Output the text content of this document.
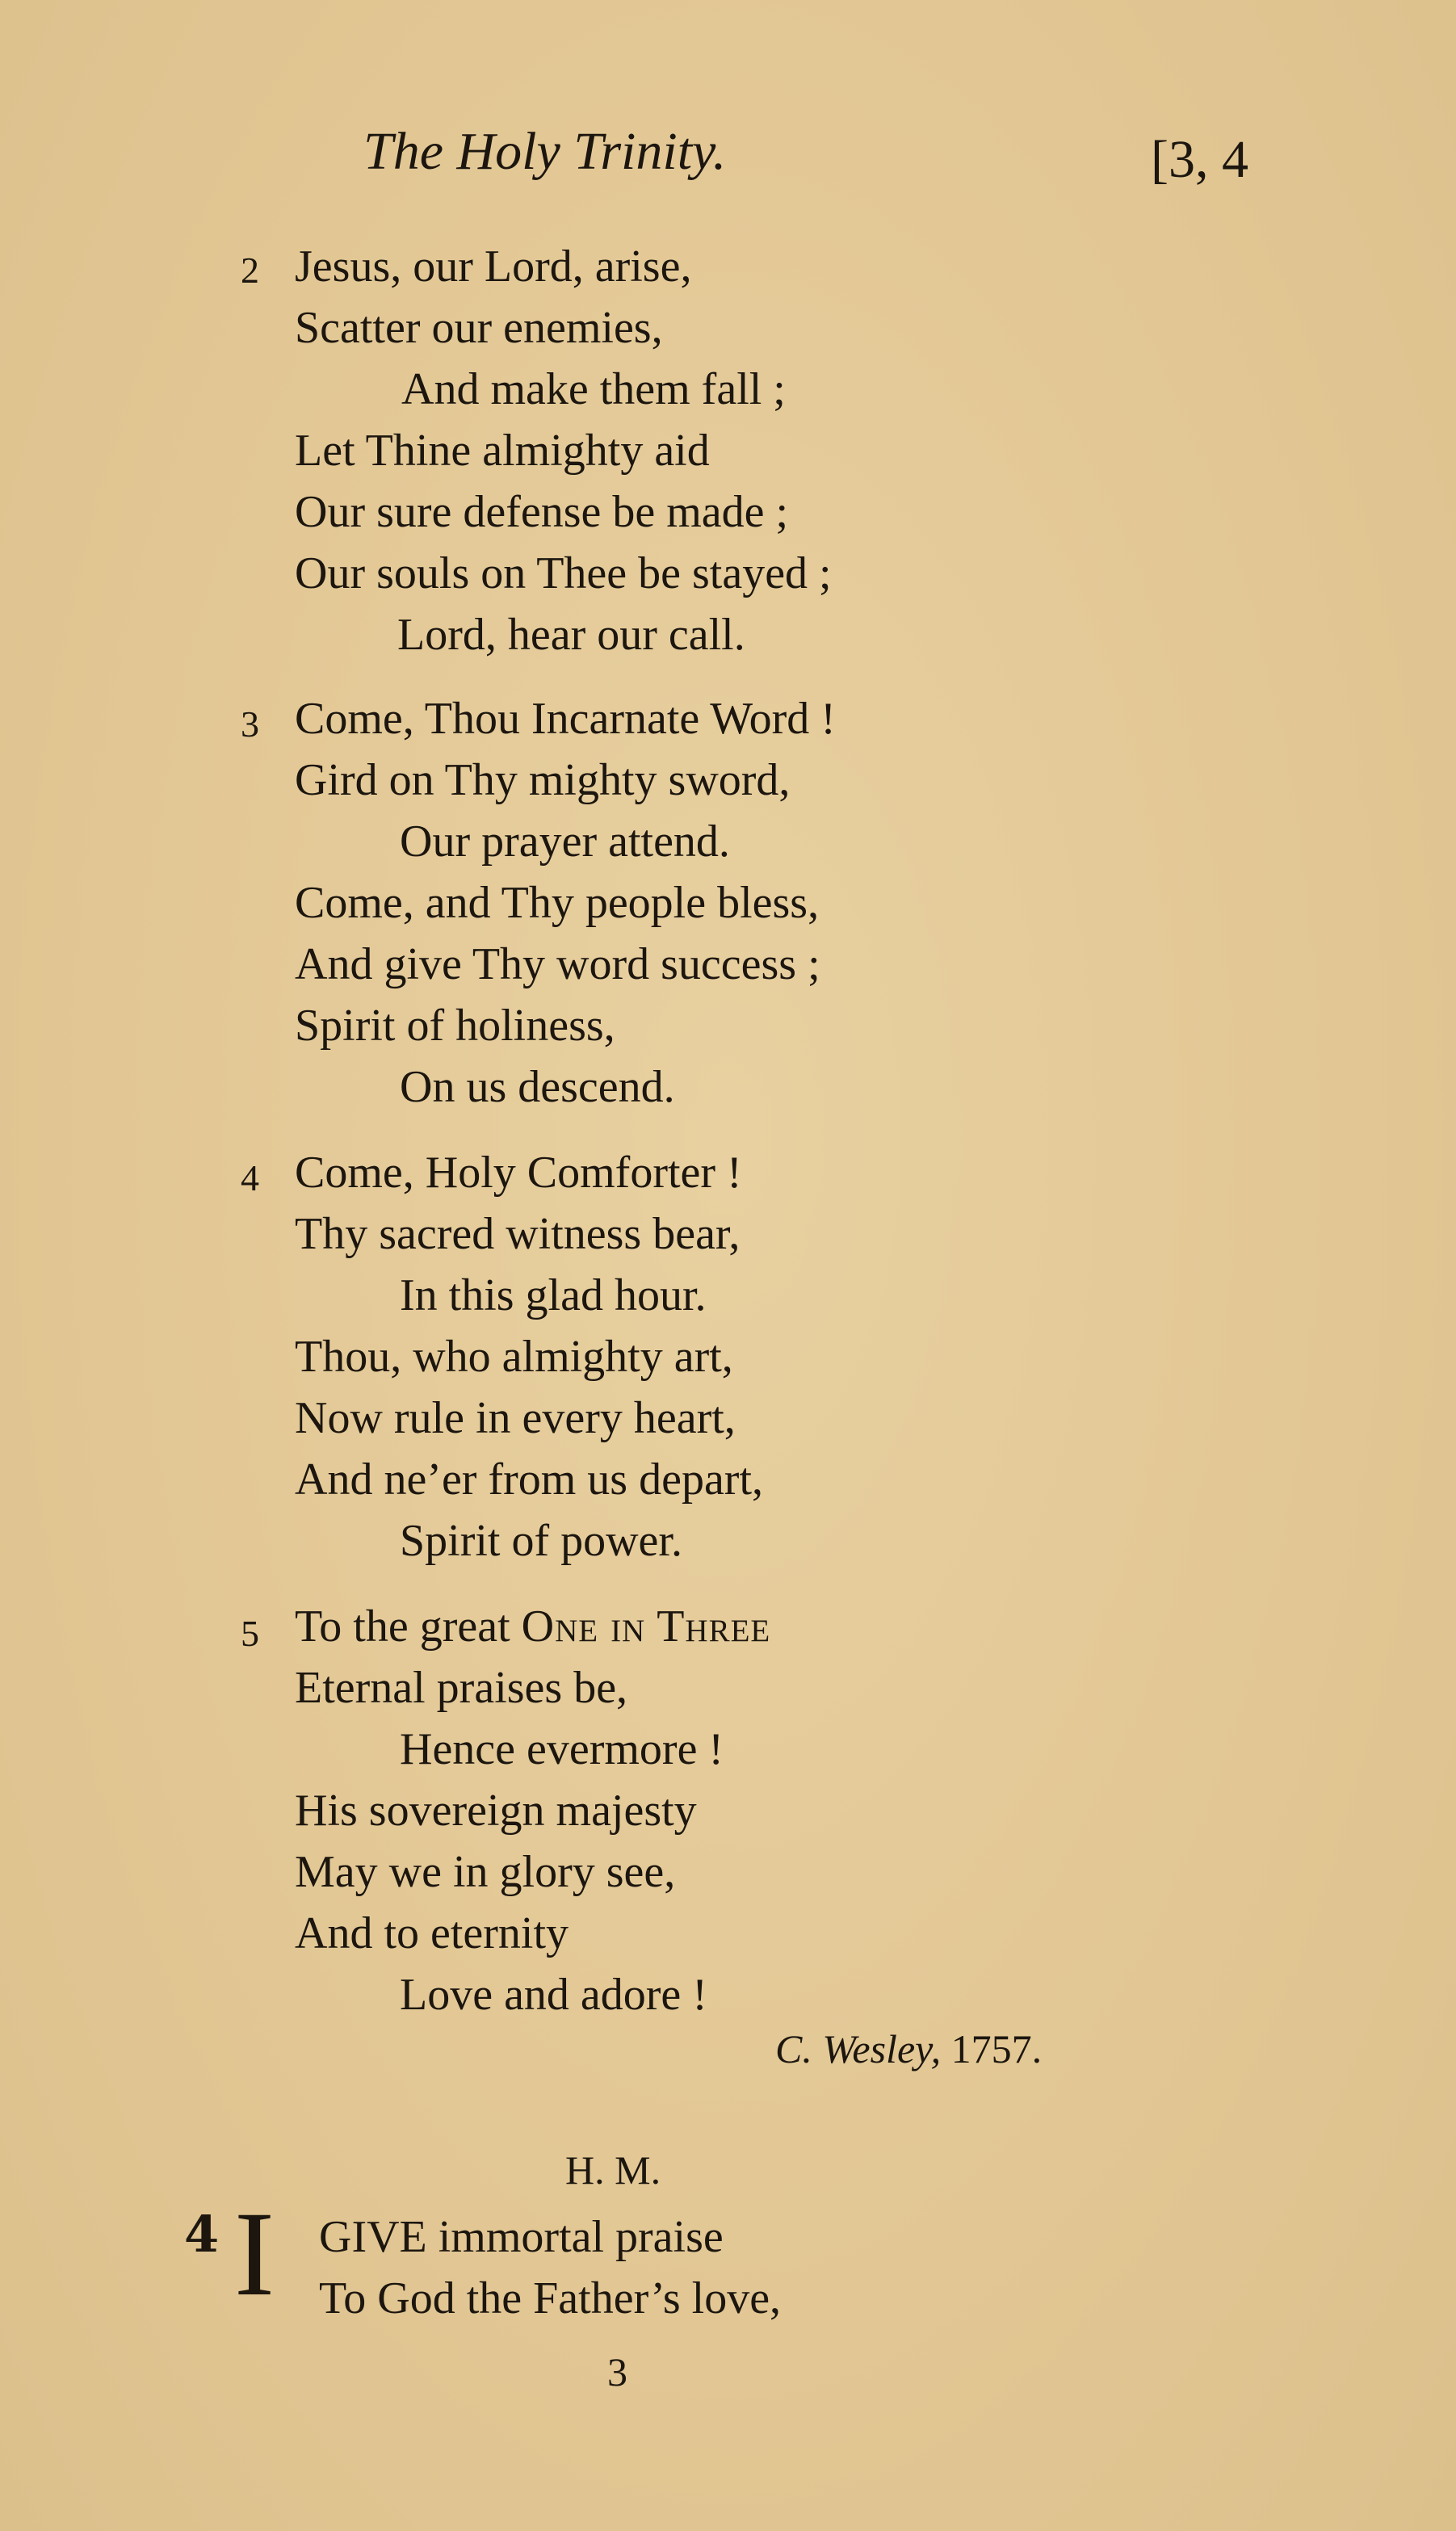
The Holy Trinity.	[3, 4
2 Jesus, our Lord, arise,
Scatter our enemies,
And make them fall ;
Let Thine almighty aid
Our sure defense be made ;
Our souls on Thee be stayed ;
Lord, hear our call.
3 Come, Thou Incarnate Word !
Gird on Thy mighty sword,
Our prayer attend.
Come, and Thy people bless,
And give Thy word success ;
Spirit of holiness,
On us descend.
4 Come, Holy Comforter !
Thy sacred witness bear,
In this glad hour.
Thou, who almighty art,
Now rule in every heart,
And ne’er from us depart,
Spirit of power.
5 To the great One in Three
Eternal praises be,
Hence evermore !
His sovereign majesty
May we in glory see,
And to eternity
Love and adore !
C. Wesley, 1757.
H. M.
4 I GIVE immortal praise
To God the Father’s love,
3
